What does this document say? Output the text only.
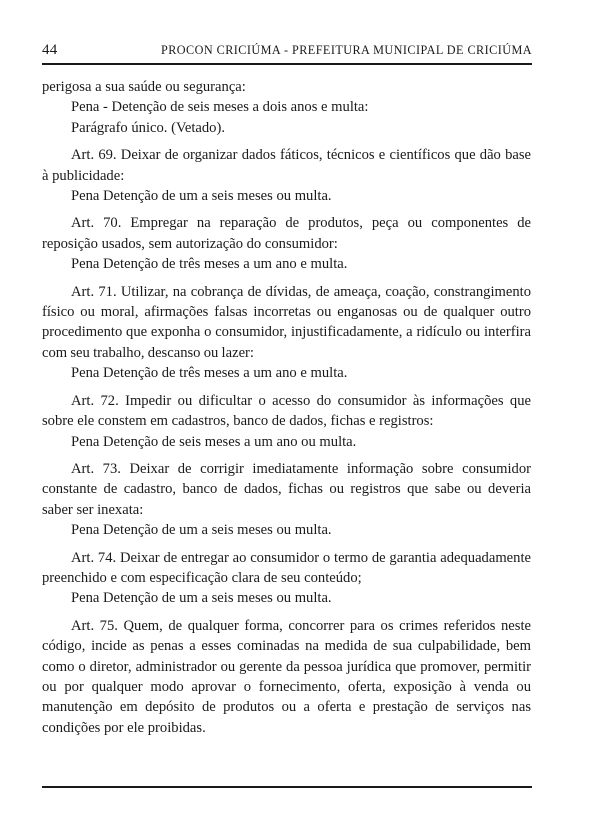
44	PROCON CRICIÚMA - PREFEITURA MUNICIPAL DE CRICIÚMA

perigosa a sua saúde ou segurança:

Pena - Detenção de seis meses a dois anos e multa:

Parágrafo único. (Vetado).

Art. 69. Deixar de organizar dados fáticos, técnicos e científicos que dão base à publicidade:

Pena Detenção de um a seis meses ou multa.

Art. 70. Empregar na reparação de produtos, peça ou componentes de reposição usados, sem autorização do consumidor:

Pena Detenção de três meses a um ano e multa.

Art. 71. Utilizar, na cobrança de dívidas, de ameaça, coação, constrangimento físico ou moral, afirmações falsas incorretas ou enganosas ou de qualquer outro procedimento que exponha o consumidor, injustificadamente, a ridículo ou interfira com seu trabalho, descanso ou lazer:

Pena Detenção de três meses a um ano e multa.

Art. 72. Impedir ou dificultar o acesso do consumidor às informações que sobre ele constem em cadastros, banco de dados, fichas e registros:

Pena Detenção de seis meses a um ano ou multa.

Art. 73. Deixar de corrigir imediatamente informação sobre consumidor constante de cadastro, banco de dados, fichas ou registros que sabe ou deveria saber ser inexata:

Pena Detenção de um a seis meses ou multa.

Art. 74. Deixar de entregar ao consumidor o termo de garantia adequadamente preenchido e com especificação clara de seu conteúdo;

Pena Detenção de um a seis meses ou multa.

Art. 75. Quem, de qualquer forma, concorrer para os crimes referidos neste código, incide as penas a esses cominadas na medida de sua culpabilidade, bem como o diretor, administrador ou gerente da pessoa jurídica que promover, permitir ou por qualquer modo aprovar o fornecimento, oferta, exposição à venda ou manutenção em depósito de produtos ou a oferta e prestação de serviços nas condições por ele proibidas.
